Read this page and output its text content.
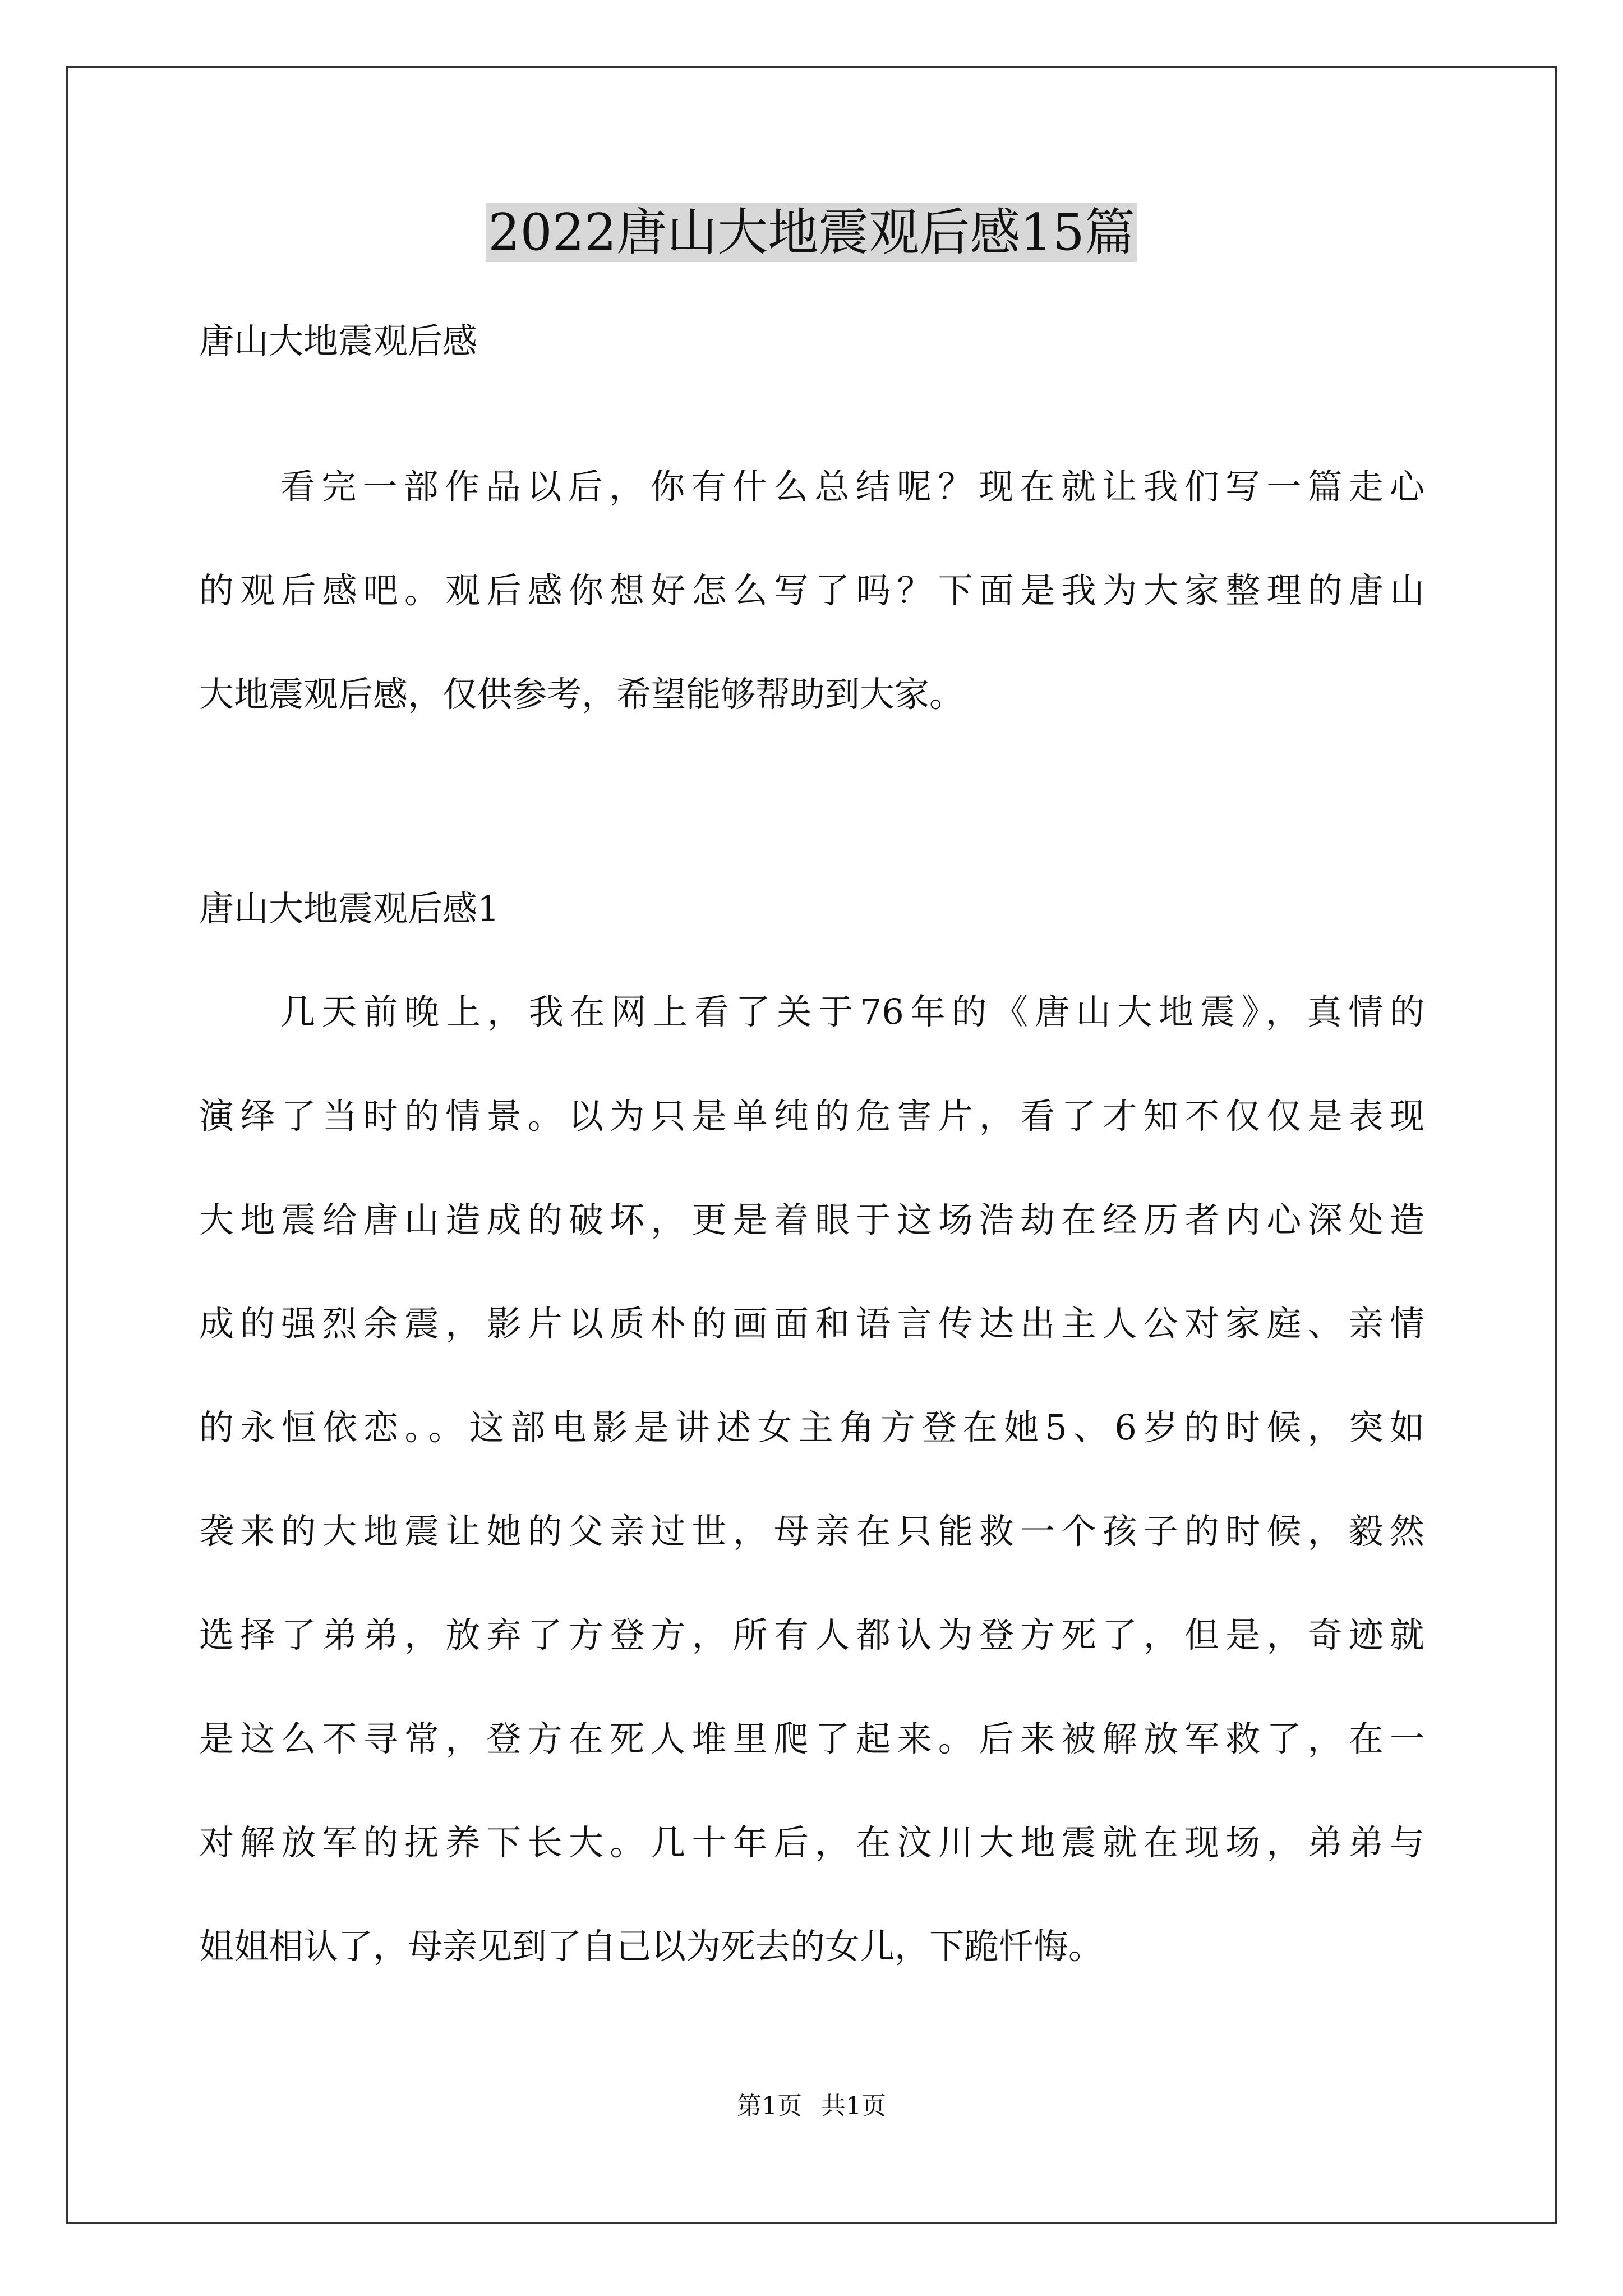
2022唐山大地震观后感15篇
唐山大地震观后感

看完一部作品以后，你有什么总结呢？现在就让我们写一篇走心

的观后感吧。观后感你想好怎么写了吗？下面是我为大家整理的唐山

大地震观后感，仅供参考，希望能够帮助到大家。

唐山大地震观后感1

几天前晚上，我在网上看了关于76年的《唐山大地震》，真情的

演绎了当时的情景。以为只是单纯的危害片，看了才知不仅仅是表现

大地震给唐山造成的破坏，更是着眼于这场浩劫在经历者内心深处造

成的强烈余震，影片以质朴的画面和语言传达出主人公对家庭、亲情

的永恒依恋。。这部电影是讲述女主角方登在她5、6岁的时候，突如

袭来的大地震让她的父亲过世，母亲在只能救一个孩子的时候，毅然

选择了弟弟，放弃了方登方，所有人都认为登方死了，但是，奇迹就

是这么不寻常，登方在死人堆里爬了起来。后来被解放军救了，在一

对解放军的抚养下长大。几十年后，在汶川大地震就在现场，弟弟与

姐姐相认了，母亲见到了自己以为死去的女儿，下跪忏悔。

第1页 共1页
